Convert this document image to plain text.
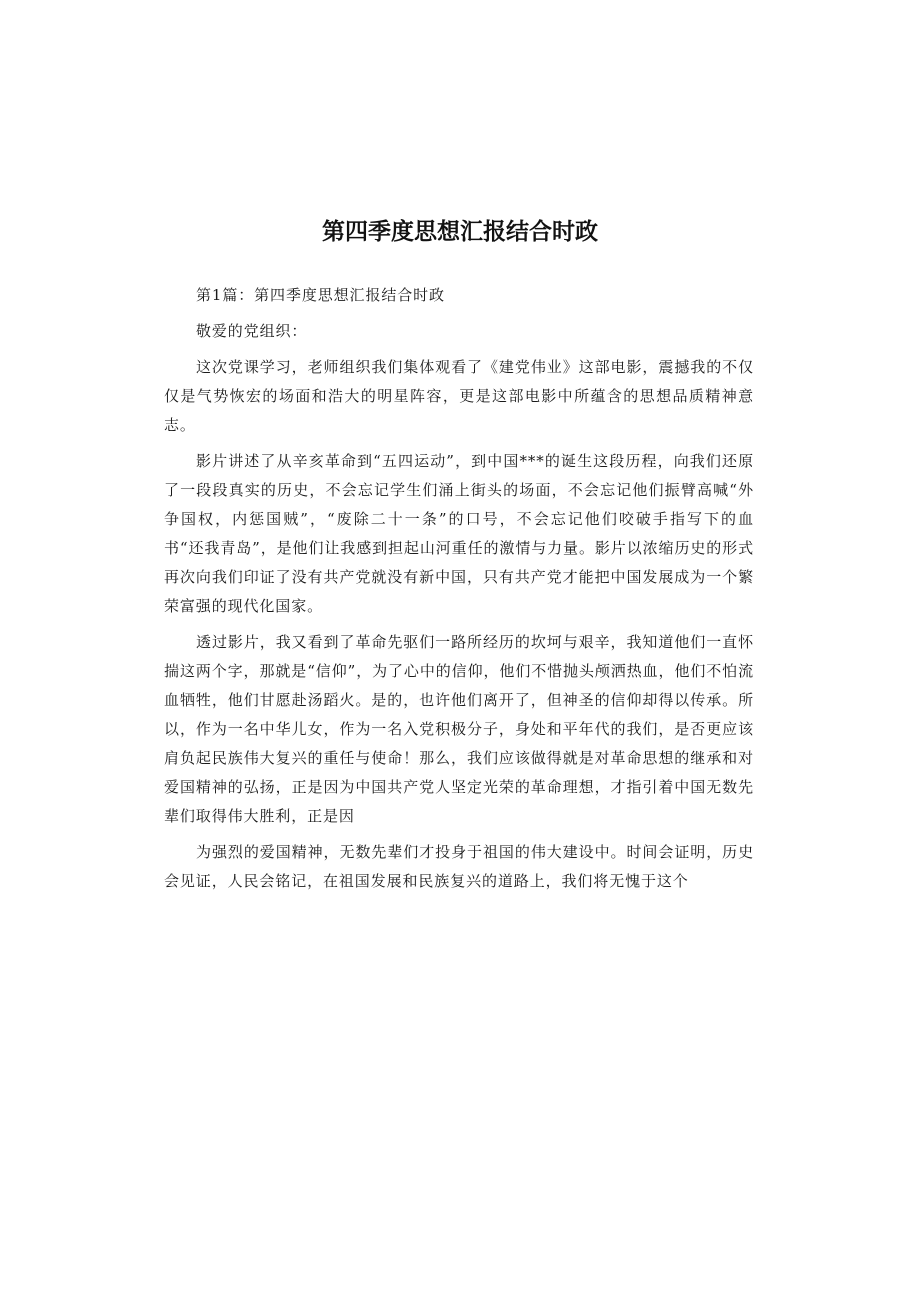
第四季度思想汇报结合时政

第1篇：第四季度思想汇报结合时政

敬爱的党组织：

这次党课学习，老师组织我们集体观看了《建党伟业》这部电影，震撼我的不仅仅是气势恢宏的场面和浩大的明星阵容，更是这部电影中所蕴含的思想品质精神意志。

影片讲述了从辛亥革命到“五四运动”，到中国***的诞生这段历程，向我们还原了一段段真实的历史，不会忘记学生们涌上街头的场面，不会忘记他们振臂高喊“外争国权，内惩国贼”，“废除二十一条”的口号，不会忘记他们咬破手指写下的血书“还我青岛”，是他们让我感到担起山河重任的激情与力量。影片以浓缩历史的形式再次向我们印证了没有共产党就没有新中国，只有共产党才能把中国发展成为一个繁荣富强的现代化国家。

透过影片，我又看到了革命先驱们一路所经历的坎坷与艰辛，我知道他们一直怀揣这两个字，那就是“信仰”，为了心中的信仰，他们不惜抛头颅洒热血，他们不怕流血牺牲，他们甘愿赴汤蹈火。是的，也许他们离开了，但神圣的信仰却得以传承。所以，作为一名中华儿女，作为一名入党积极分子，身处和平年代的我们，是否更应该肩负起民族伟大复兴的重任与使命！那么，我们应该做得就是对革命思想的继承和对爱国精神的弘扬，正是因为中国共产党人坚定光荣的革命理想，才指引着中国无数先辈们取得伟大胜利，正是因

为强烈的爱国精神，无数先辈们才投身于祖国的伟大建设中。时间会证明，历史会见证，人民会铭记，在祖国发展和民族复兴的道路上，我们将无愧于这个
